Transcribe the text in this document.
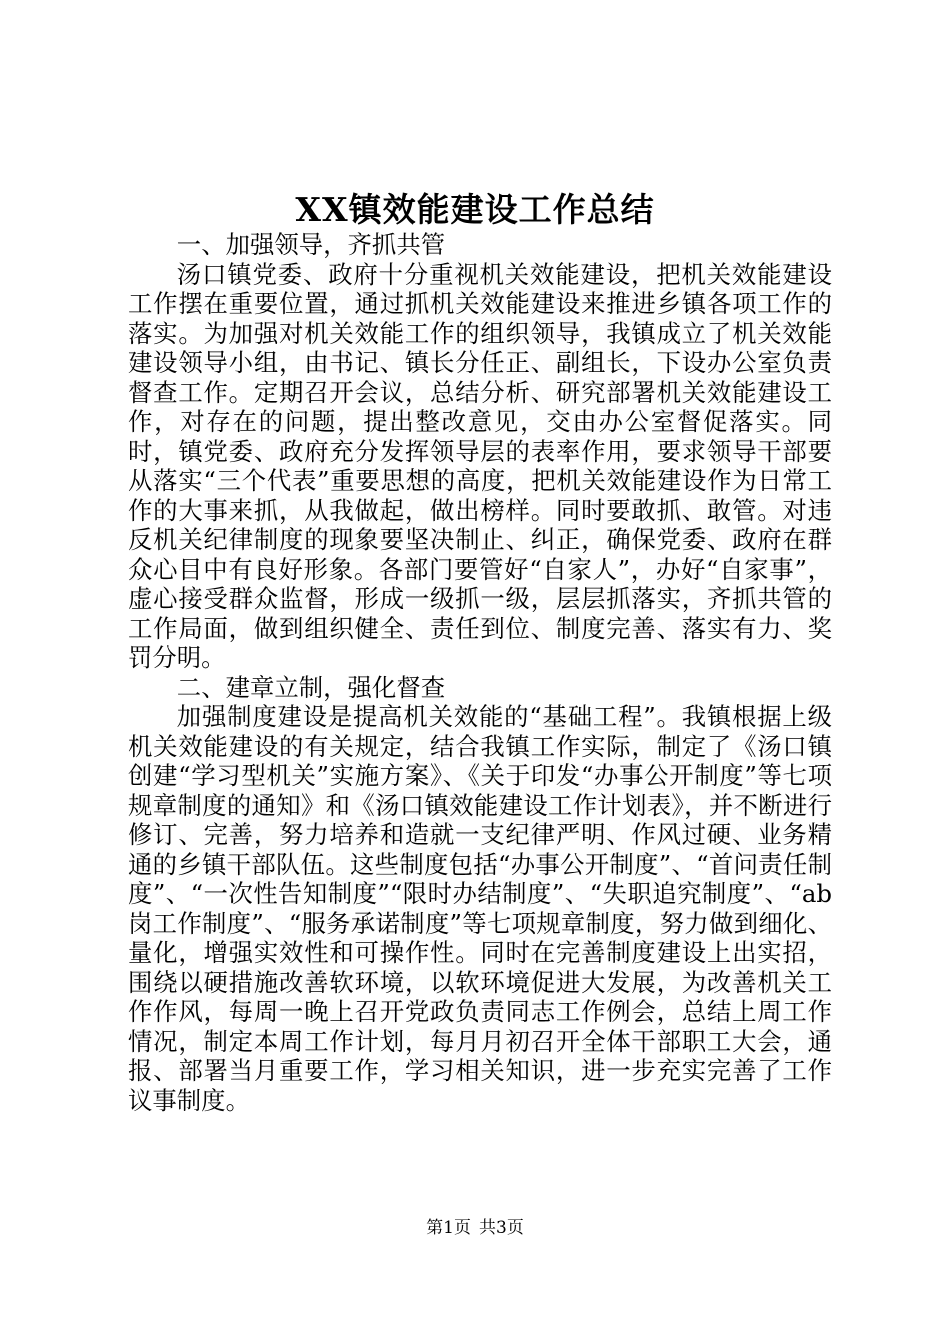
XX镇效能建设工作总结

一、加强领导，齐抓共管

汤口镇党委、政府十分重视机关效能建设，把机关效能建设工作摆在重要位置，通过抓机关效能建设来推进乡镇各项工作的落实。为加强对机关效能工作的组织领导，我镇成立了机关效能建设领导小组，由书记、镇长分任正、副组长，下设办公室负责督查工作。定期召开会议，总结分析、研究部署机关效能建设工作，对存在的问题，提出整改意见，交由办公室督促落实。同时，镇党委、政府充分发挥领导层的表率作用，要求领导干部要从落实“三个代表”重要思想的高度，把机关效能建设作为日常工作的大事来抓，从我做起，做出榜样。同时要敢抓、敢管。对违反机关纪律制度的现象要坚决制止、纠正，确保党委、政府在群众心目中有良好形象。各部门要管好“自家人”，办好“自家事”，虚心接受群众监督，形成一级抓一级，层层抓落实，齐抓共管的工作局面，做到组织健全、责任到位、制度完善、落实有力、奖罚分明。

二、建章立制，强化督查

加强制度建设是提高机关效能的“基础工程”。我镇根据上级机关效能建设的有关规定，结合我镇工作实际，制定了《汤口镇创建“学习型机关”实施方案》、《关于印发“办事公开制度”等七项规章制度的通知》和《汤口镇效能建设工作计划表》，并不断进行修订、完善，努力培养和造就一支纪律严明、作风过硬、业务精通的乡镇干部队伍。这些制度包括“办事公开制度”、“首问责任制度”、“一次性告知制度”“限时办结制度”、“失职追究制度”、“ab岗工作制度”、“服务承诺制度”等七项规章制度，努力做到细化、量化，增强实效性和可操作性。同时在完善制度建设上出实招，围绕以硬措施改善软环境，以软环境促进大发展，为改善机关工作作风，每周一晚上召开党政负责同志工作例会，总结上周工作情况，制定本周工作计划，每月月初召开全体干部职工大会，通报、部署当月重要工作，学习相关知识，进一步充实完善了工作议事制度。

第1页 共3页
